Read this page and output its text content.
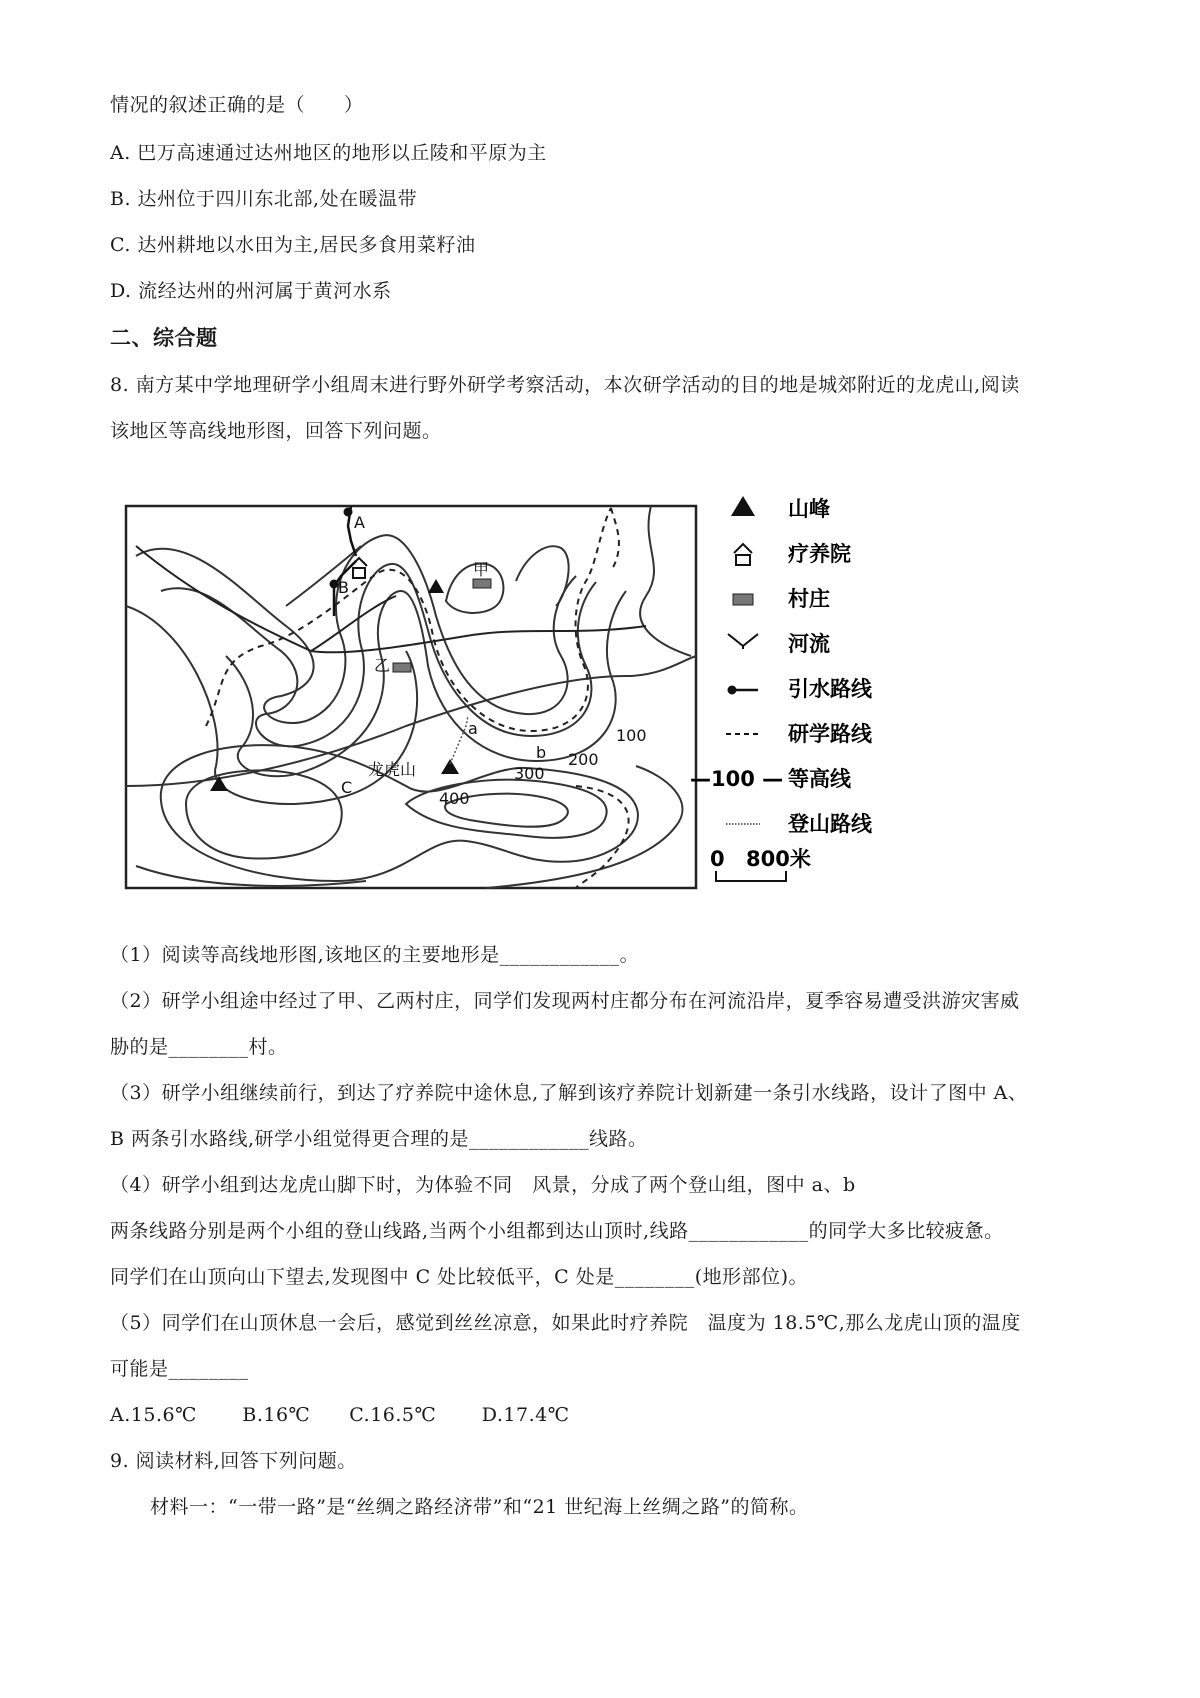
情况的叙述正确的是（　　）
A. 巴万高速通过达州地区的地形以丘陵和平原为主
B. 达州位于四川东北部,处在暖温带
C. 达州耕地以水田为主,居民多食用菜籽油
D. 流经达州的州河属于黄河水系
二、综合题
8. 南方某中学地理研学小组周末进行野外研学考察活动，本次研学活动的目的地是城郊附近的龙虎山,阅读
该地区等高线地形图，回答下列问题。
A
B
甲
乙
a
b
C
龙虎山
100
200
300
400
山峰
疗养院
村庄
河流
引水路线
研学路线
—100 — 等高线
登山路线
0 800米
（1）阅读等高线地形图,该地区的主要地形是____________。
（2）研学小组途中经过了甲、乙两村庄，同学们发现两村庄都分布在河流沿岸，夏季容易遭受洪游灾害威
胁的是________村。
（3）研学小组继续前行，到达了疗养院中途休息,了解到该疗养院计划新建一条引水线路，设计了图中 A、
B 两条引水路线,研学小组觉得更合理的是____________线路。
（4）研学小组到达龙虎山脚下时，为体验不同　风景，分成了两个登山组，图中 a、b
两条线路分别是两个小组的登山线路,当两个小组都到达山顶时,线路____________的同学大多比较疲惫。
同学们在山顶向山下望去,发现图中 C 处比较低平，C 处是________(地形部位)。
（5）同学们在山顶休息一会后，感觉到丝丝凉意，如果此时疗养院　温度为 18.5℃,那么龙虎山顶的温度
可能是________
A.15.6℃　　 B.16℃　　C.16.5℃　　 D.17.4℃
9. 阅读材料,回答下列问题。
材料一：“一带一路”是“丝绸之路经济带”和“21 世纪海上丝绸之路”的简称。
